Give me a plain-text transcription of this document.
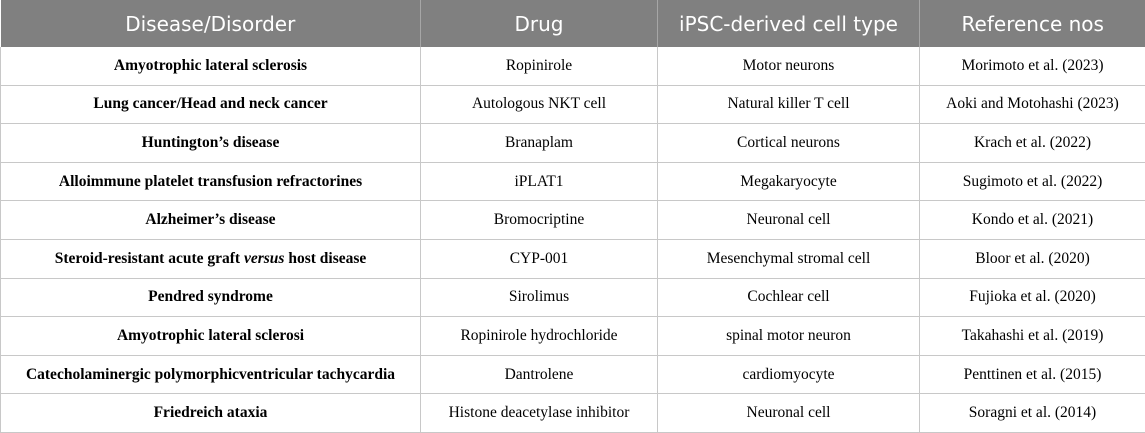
Disease/Disorder	Drug	iPSC-derived cell type	Reference nos
Amyotrophic lateral sclerosis	Ropinirole	Motor neurons	Morimoto et al. (2023)
Lung cancer/Head and neck cancer	Autologous NKT cell	Natural killer T cell	Aoki and Motohashi (2023)
Huntington’s disease	Branaplam	Cortical neurons	Krach et al. (2022)
Alloimmune platelet transfusion refractorines	iPLAT1	Megakaryocyte	Sugimoto et al. (2022)
Alzheimer’s disease	Bromocriptine	Neuronal cell	Kondo et al. (2021)
Steroid-resistant acute graft versus host disease	CYP-001	Mesenchymal stromal cell	Bloor et al. (2020)
Pendred syndrome	Sirolimus	Cochlear cell	Fujioka et al. (2020)
Amyotrophic lateral sclerosi	Ropinirole hydrochloride	spinal motor neuron	Takahashi et al. (2019)
Catecholaminergic polymorphicventricular tachycardia	Dantrolene	cardiomyocyte	Penttinen et al. (2015)
Friedreich ataxia	Histone deacetylase inhibitor	Neuronal cell	Soragni et al. (2014)
